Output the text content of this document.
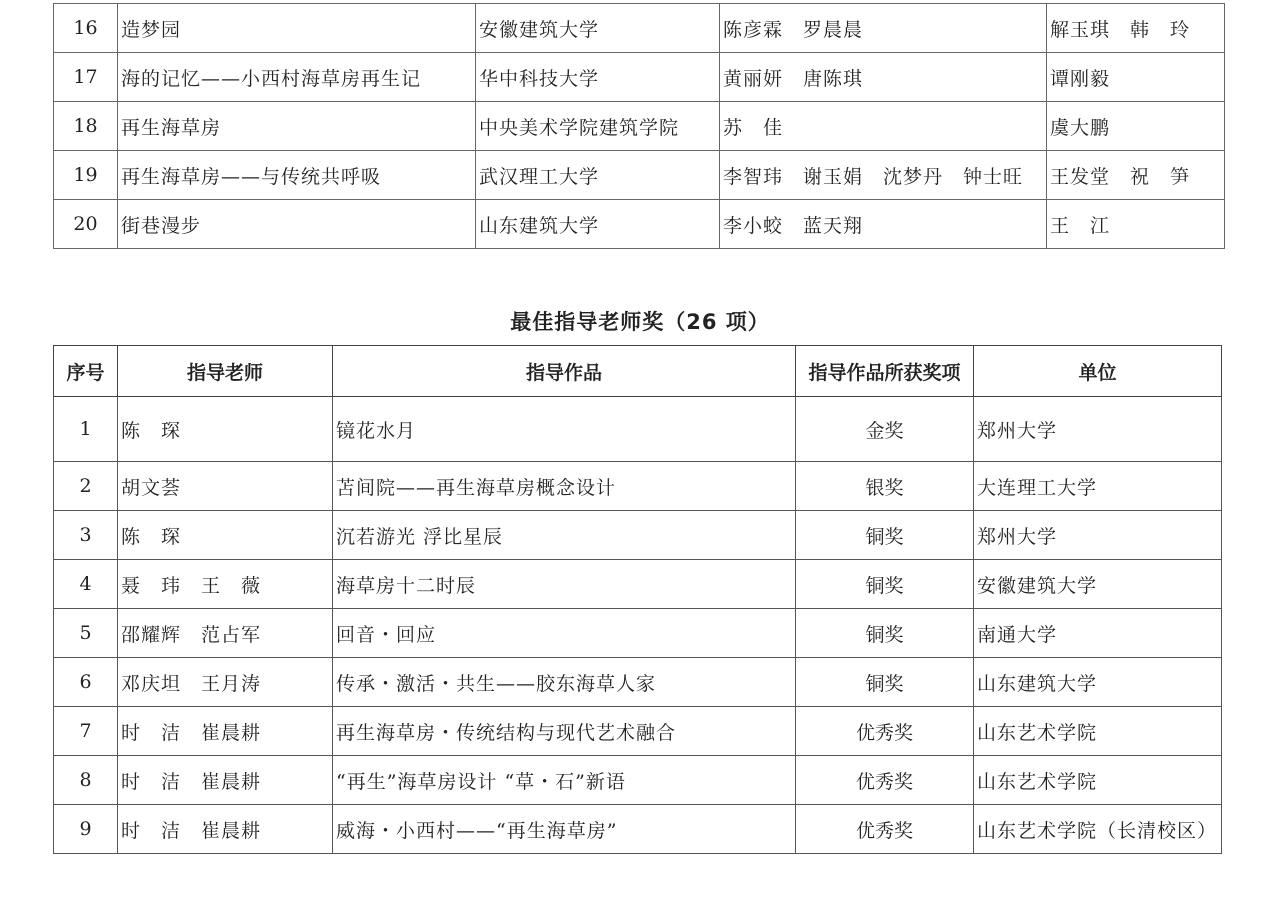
16	造梦园	安徽建筑大学	陈彦霖　罗晨晨	解玉琪　韩　玲
17	海的记忆——小西村海草房再生记	华中科技大学	黄丽妍　唐陈琪	谭刚毅
18	再生海草房	中央美术学院建筑学院	苏　佳	虞大鹏
19	再生海草房——与传统共呼吸	武汉理工大学	李智玮　谢玉娟　沈梦丹　钟士旺	王发堂　祝　笋
20	街巷漫步	山东建筑大学	李小蛟　蓝天翔	王　江
最佳指导老师奖（26 项）
序号	指导老师	指导作品	指导作品所获奖项	单位
1	陈　琛	镜花水月	金奖	郑州大学
2	胡文荟	苫间院——再生海草房概念设计	银奖	大连理工大学
3	陈　琛	沉若游光 浮比星辰	铜奖	郑州大学
4	聂　玮　王　薇	海草房十二时辰	铜奖	安徽建筑大学
5	邵耀辉　范占军	回音・回应	铜奖	南通大学
6	邓庆坦　王月涛	传承・激活・共生——胶东海草人家	铜奖	山东建筑大学
7	时　洁　崔晨耕	再生海草房・传统结构与现代艺术融合	优秀奖	山东艺术学院
8	时　洁　崔晨耕	“再生”海草房设计 “草・石”新语	优秀奖	山东艺术学院
9	时　洁　崔晨耕	威海・小西村——“再生海草房”	优秀奖	山东艺术学院（长清校区）
